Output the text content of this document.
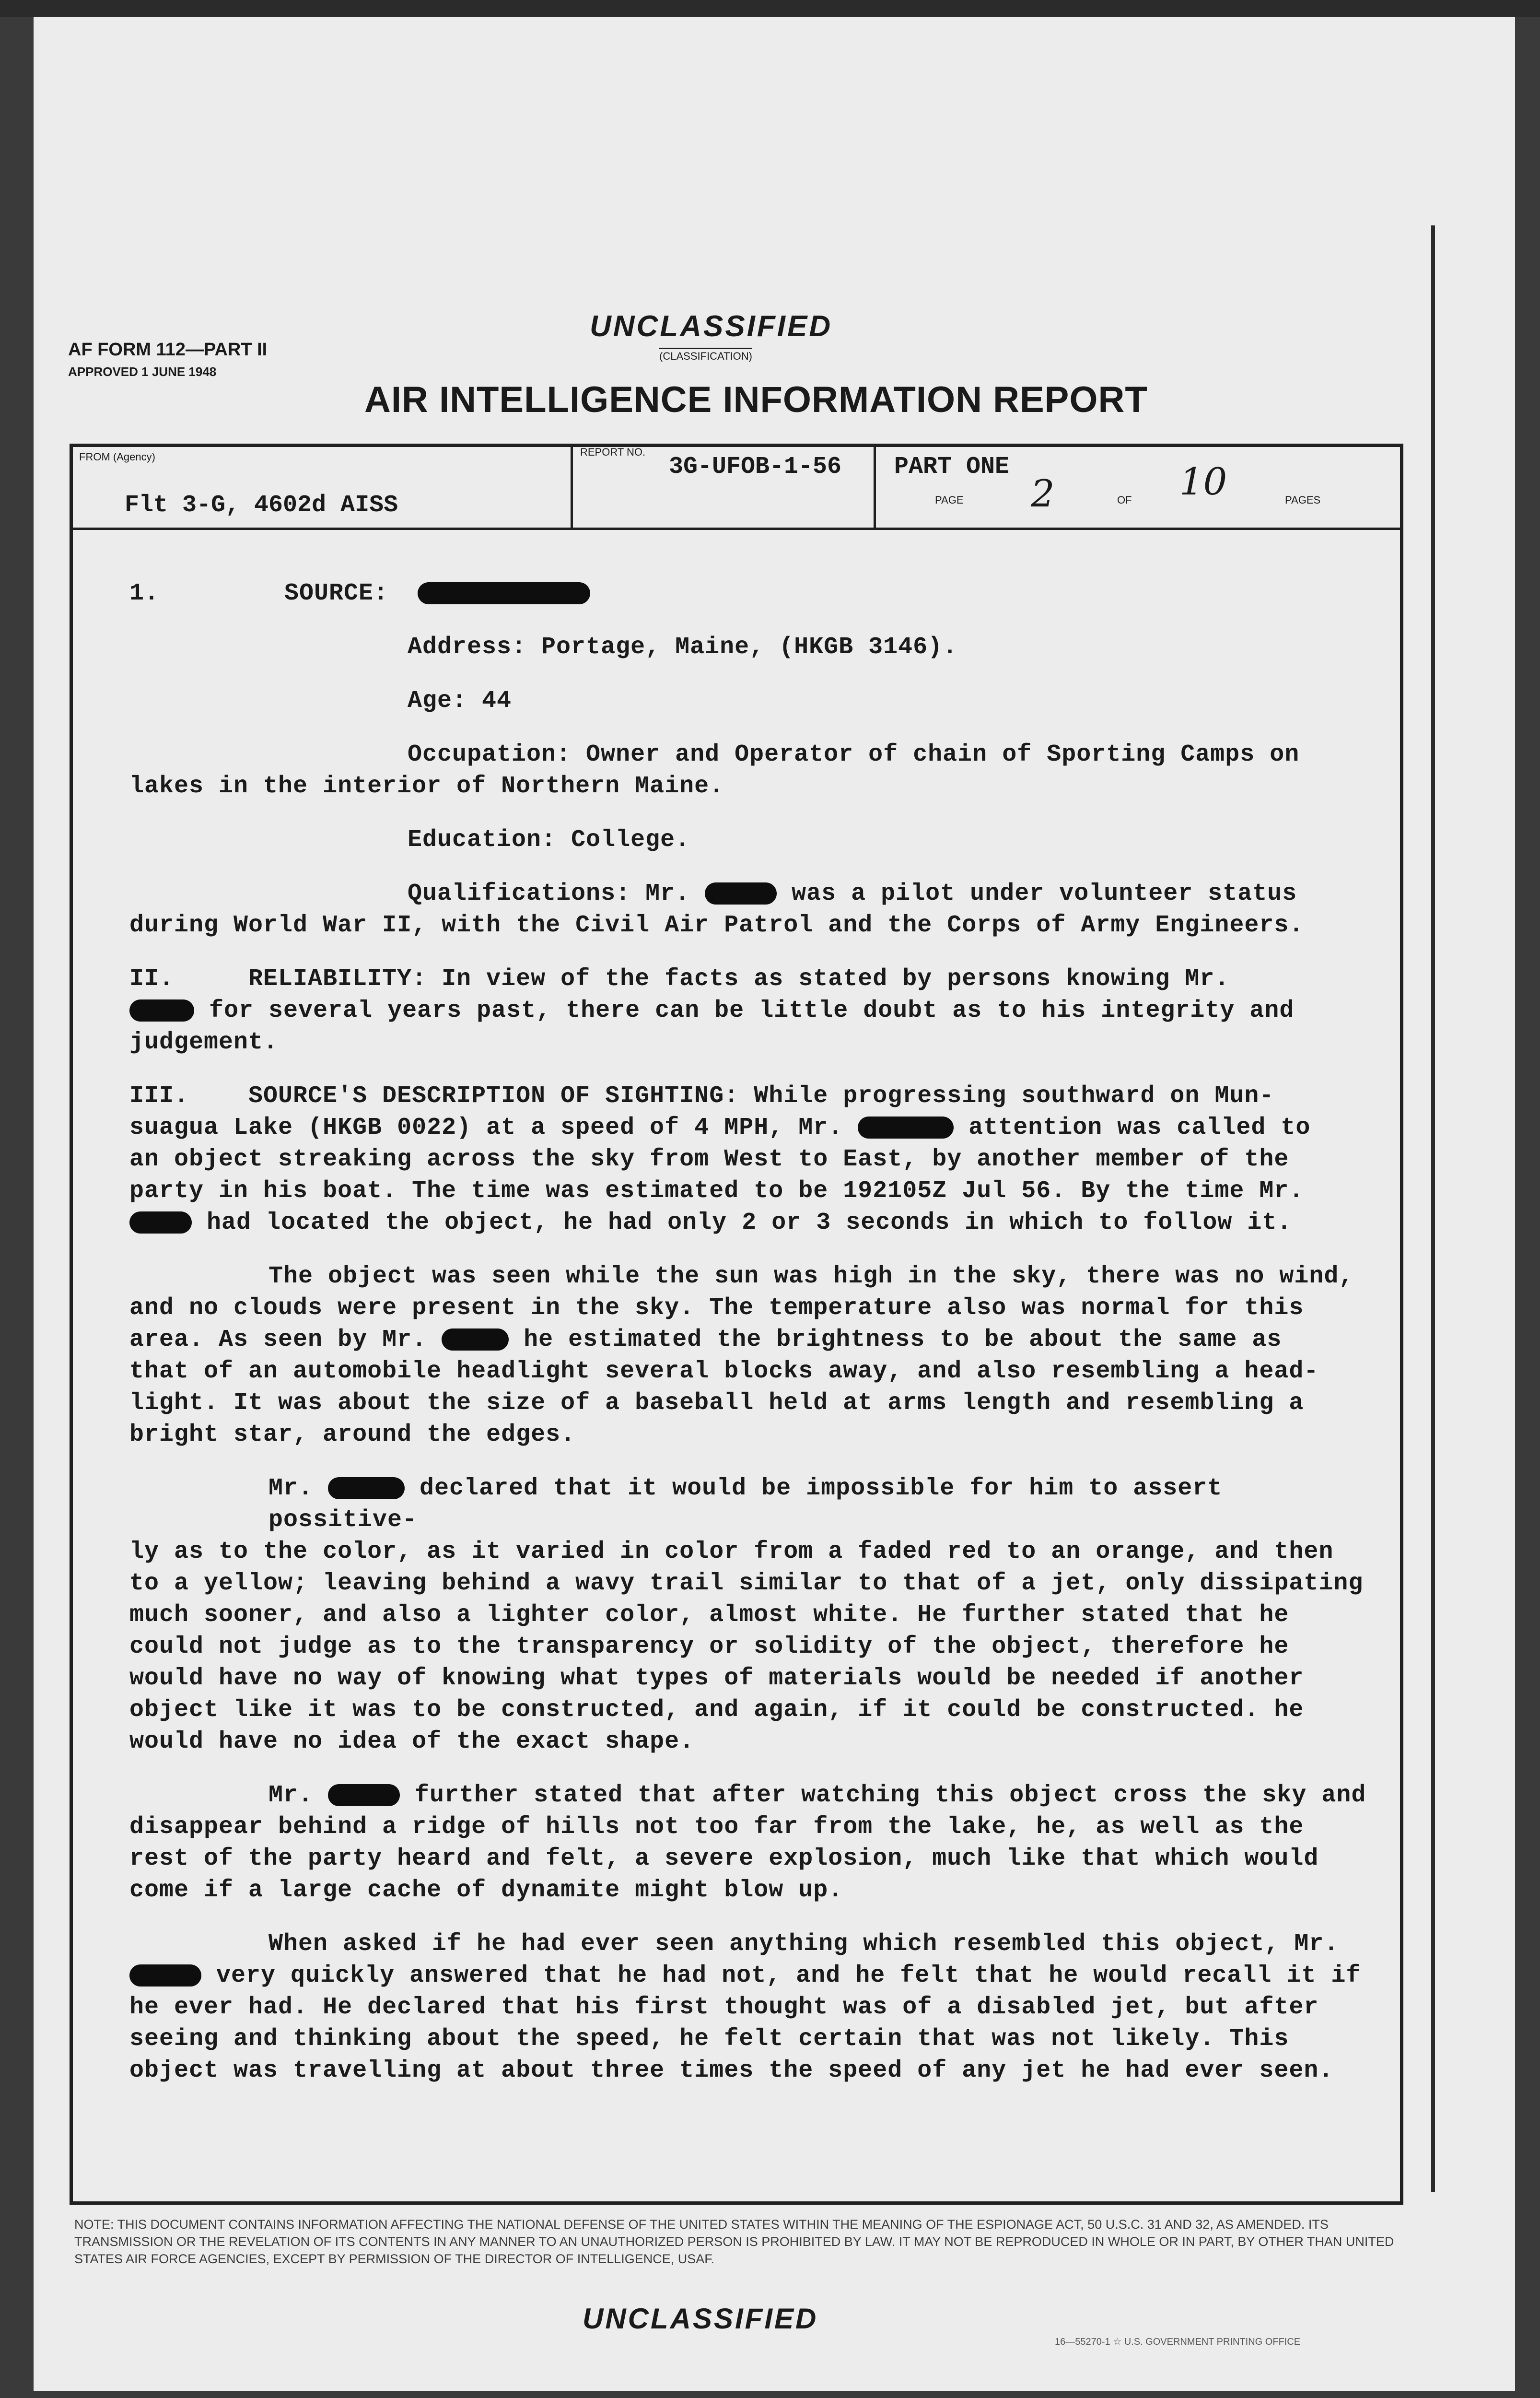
AF FORM 112—PART II
APPROVED 1 JUNE 1948
UNCLASSIFIED
(CLASSIFICATION)
AIR INTELLIGENCE INFORMATION REPORT
FROM (Agency)
Flt 3-G, 4602d AISS
REPORT NO.
3G-UFOB-1-56 PART ONE
PAGE 2	OF 10	PAGES
1.	SOURCE:
Address: Portage, Maine, (HKGB 3146).
Age: 44
Occupation: Owner and Operator of chain of Sporting Camps on
lakes in the interior of Northern Maine.
Education: College.
Qualifications: Mr.	was a pilot under volunteer status
during World War II, with the Civil Air Patrol and the Corps of Army Engineers.
II.     RELIABILITY: In view of the facts as stated by persons knowing Mr.
for several years past, there can be little doubt as to his integrity and
judgement.
III.    SOURCE'S DESCRIPTION OF SIGHTING: While progressing southward on Mun-
suagua Lake (HKGB 0022) at a speed of 4 MPH, Mr.	attention was called to
an object streaking across the sky from West to East, by another member of the
party in his boat. The time was estimated to be 192105Z Jul 56. By the time Mr.
had located the object, he had only 2 or 3 seconds in which to follow it.
The object was seen while the sun was high in the sky, there was no wind,
and no clouds were present in the sky. The temperature also was normal for this
area. As seen by Mr.	he estimated the brightness to be about the same as
that of an automobile headlight several blocks away, and also resembling a head-
light. It was about the size of a baseball held at arms length and resembling a
bright star, around the edges.
Mr.	declared that it would be impossible for him to assert possitive-
ly as to the color, as it varied in color from a faded red to an orange, and then
to a yellow; leaving behind a wavy trail similar to that of a jet, only dissipating
much sooner, and also a lighter color, almost white. He further stated that he
could not judge as to the transparency or solidity of the object, therefore he
would have no way of knowing what types of materials would be needed if another
object like it was to be constructed, and again, if it could be constructed. he
would have no idea of the exact shape.
Mr.	further stated that after watching this object cross the sky and
disappear behind a ridge of hills not too far from the lake, he, as well as the
rest of the party heard and felt, a severe explosion, much like that which would
come if a large cache of dynamite might blow up.
When asked if he had ever seen anything which resembled this object, Mr.
very quickly answered that he had not, and he felt that he would recall it if
he ever had. He declared that his first thought was of a disabled jet, but after
seeing and thinking about the speed, he felt certain that was not likely. This
object was travelling at about three times the speed of any jet he had ever seen.
NOTE: THIS DOCUMENT CONTAINS INFORMATION AFFECTING THE NATIONAL DEFENSE OF THE UNITED STATES WITHIN THE MEANING OF THE ESPIONAGE ACT, 50 U.S.C. 31 AND 32, AS AMENDED. ITS TRANSMISSION OR THE REVELATION OF ITS CONTENTS IN ANY MANNER TO AN UNAUTHORIZED PERSON IS PROHIBITED BY LAW. IT MAY NOT BE REPRODUCED IN WHOLE OR IN PART, BY OTHER THAN UNITED STATES AIR FORCE AGENCIES, EXCEPT BY PERMISSION OF THE DIRECTOR OF INTELLIGENCE, USAF.
UNCLASSIFIED
16—55270-1 ☆ U.S. GOVERNMENT PRINTING OFFICE
